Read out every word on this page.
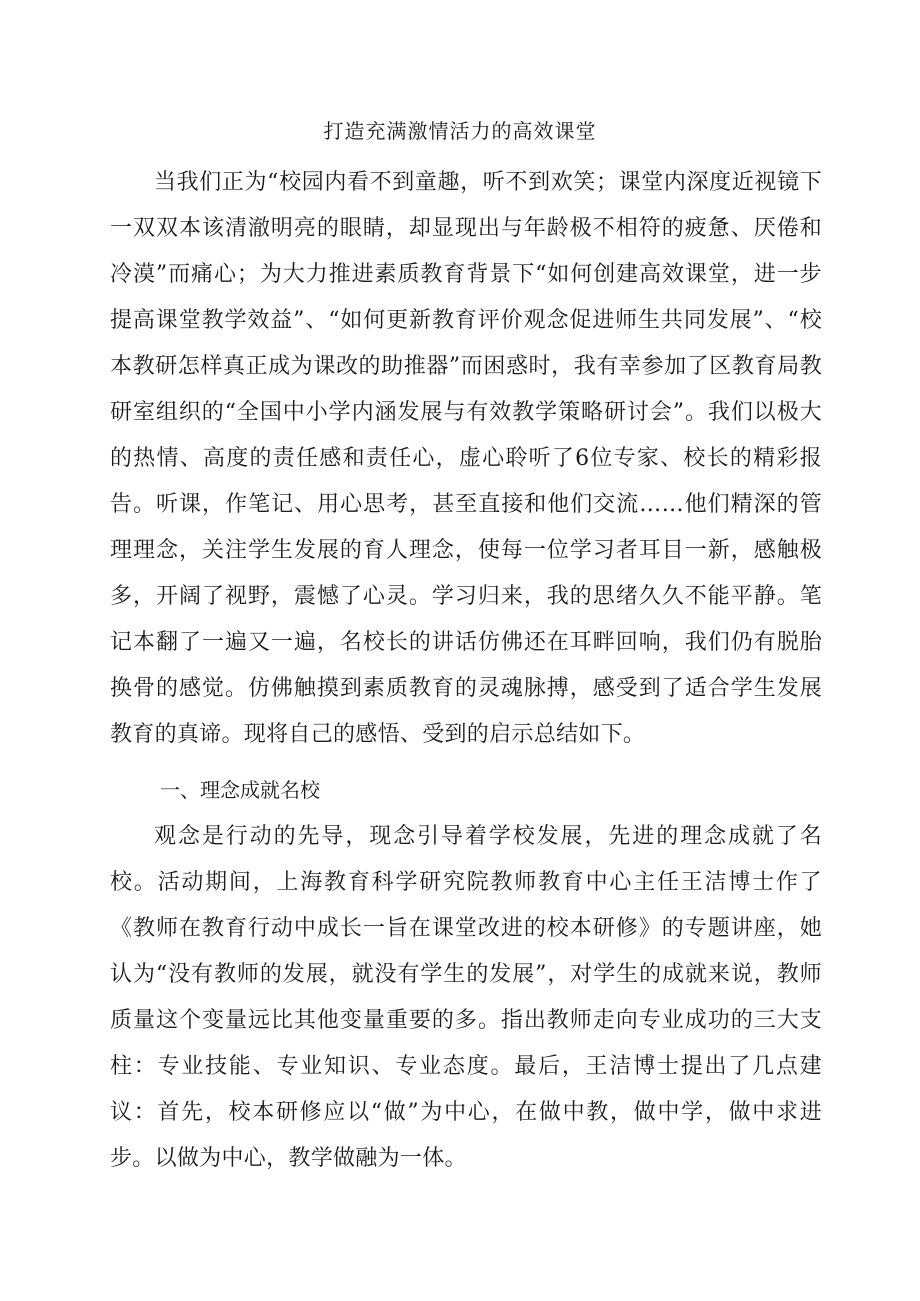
打造充满激情活力的高效课堂

当我们正为“校园内看不到童趣，听不到欢笑；课堂内深度近视镜下一双双本该清澈明亮的眼睛，却显现出与年龄极不相符的疲惫、厌倦和冷漠”而痛心；为大力推进素质教育背景下“如何创建高效课堂，进一步提高课堂教学效益”、“如何更新教育评价观念促进师生共同发展”、“校本教研怎样真正成为课改的助推器”而困惑时，我有幸参加了区教育局教研室组织的“全国中小学内涵发展与有效教学策略研讨会”。我们以极大的热情、高度的责任感和责任心，虚心聆听了6位专家、校长的精彩报告。听课，作笔记、用心思考，甚至直接和他们交流……他们精深的管理理念，关注学生发展的育人理念，使每一位学习者耳目一新，感触极多，开阔了视野，震憾了心灵。学习归来，我的思绪久久不能平静。笔记本翻了一遍又一遍，名校长的讲话仿佛还在耳畔回响，我们仍有脱胎换骨的感觉。仿佛触摸到素质教育的灵魂脉搏，感受到了适合学生发展教育的真谛。现将自己的感悟、受到的启示总结如下。

一、理念成就名校

观念是行动的先导，现念引导着学校发展，先进的理念成就了名校。活动期间，上海教育科学研究院教师教育中心主任王洁博士作了《教师在教育行动中成长一旨在课堂改进的校本研修》的专题讲座，她认为“没有教师的发展，就没有学生的发展”，对学生的成就来说，教师质量这个变量远比其他变量重要的多。指出教师走向专业成功的三大支柱：专业技能、专业知识、专业态度。最后，王洁博士提出了几点建议：首先，校本研修应以“做”为中心，在做中教，做中学，做中求进步。以做为中心，教学做融为一体。
